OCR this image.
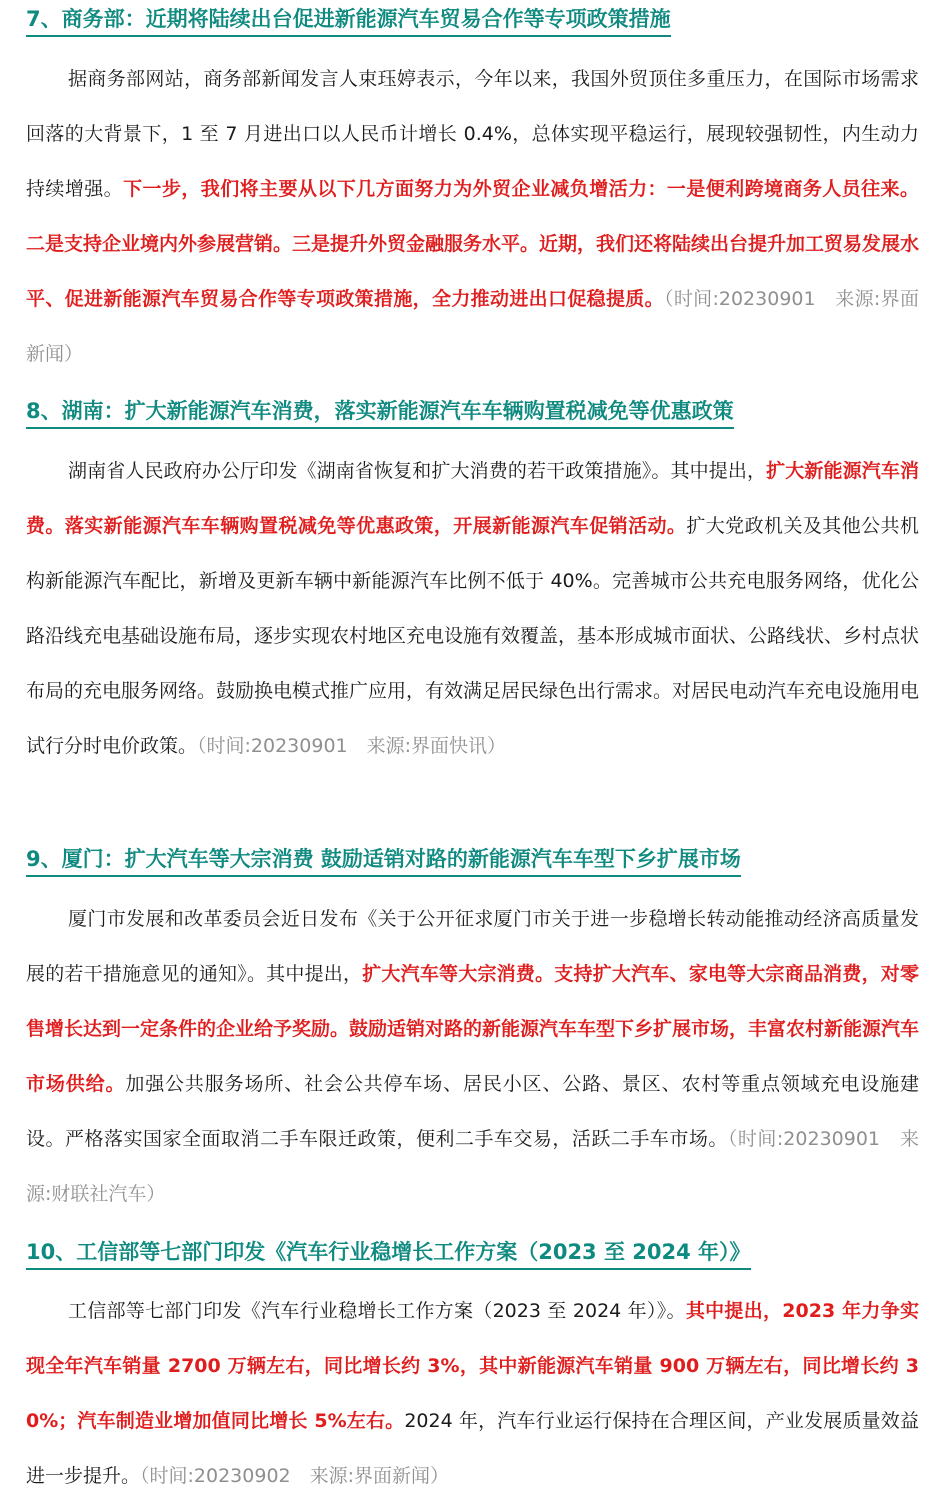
7、商务部：近期将陆续出台促进新能源汽车贸易合作等专项政策措施

据商务部网站，商务部新闻发言人束珏婷表示，今年以来，我国外贸顶住多重压力，在国际市场需求回落的大背景下，1 至 7 月进出口以人民币计增长 0.4%，总体实现平稳运行，展现较强韧性，内生动力持续增强。下一步，我们将主要从以下几方面努力为外贸企业减负增活力：一是便利跨境商务人员往来。二是支持企业境内外参展营销。三是提升外贸金融服务水平。近期，我们还将陆续出台提升加工贸易发展水平、促进新能源汽车贸易合作等专项政策措施，全力推动进出口促稳提质。（时间:20230901　来源:界面新闻）

8、湖南：扩大新能源汽车消费，落实新能源汽车车辆购置税减免等优惠政策

湖南省人民政府办公厅印发《湖南省恢复和扩大消费的若干政策措施》。其中提出，扩大新能源汽车消费。落实新能源汽车车辆购置税减免等优惠政策，开展新能源汽车促销活动。扩大党政机关及其他公共机构新能源汽车配比，新增及更新车辆中新能源汽车比例不低于 40%。完善城市公共充电服务网络，优化公路沿线充电基础设施布局，逐步实现农村地区充电设施有效覆盖，基本形成城市面状、公路线状、乡村点状布局的充电服务网络。鼓励换电模式推广应用，有效满足居民绿色出行需求。对居民电动汽车充电设施用电试行分时电价政策。（时间:20230901　来源:界面快讯）

9、厦门：扩大汽车等大宗消费 鼓励适销对路的新能源汽车车型下乡扩展市场

厦门市发展和改革委员会近日发布《关于公开征求厦门市关于进一步稳增长转动能推动经济高质量发展的若干措施意见的通知》。其中提出，扩大汽车等大宗消费。支持扩大汽车、家电等大宗商品消费，对零售增长达到一定条件的企业给予奖励。鼓励适销对路的新能源汽车车型下乡扩展市场，丰富农村新能源汽车市场供给。加强公共服务场所、社会公共停车场、居民小区、公路、景区、农村等重点领域充电设施建设。严格落实国家全面取消二手车限迁政策，便利二手车交易，活跃二手车市场。（时间:20230901　来源:财联社汽车）

10、工信部等七部门印发《汽车行业稳增长工作方案（2023 至 2024 年）》

工信部等七部门印发《汽车行业稳增长工作方案（2023 至 2024 年）》。其中提出，2023 年力争实现全年汽车销量 2700 万辆左右，同比增长约 3%，其中新能源汽车销量 900 万辆左右，同比增长约 30%；汽车制造业增加值同比增长 5%左右。2024 年，汽车行业运行保持在合理区间，产业发展质量效益进一步提升。（时间:20230902　来源:界面新闻）
